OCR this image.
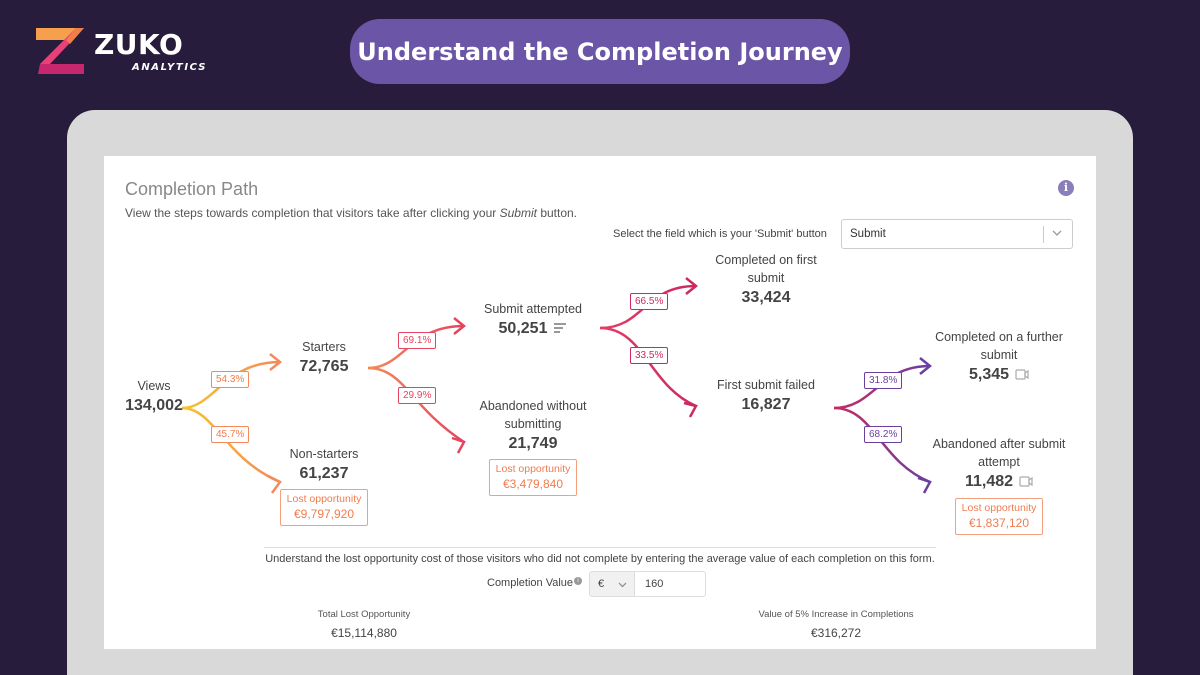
ZUKO
ANALYTICS
Understand the Completion Journey
Completion Path	i
View the steps towards completion that visitors take after clicking your Submit button.
Select the field which is your 'Submit' button Submit
54.3%
45.7%
69.1%
29.9%
66.5%
33.5%
31.8%
68.2%
Views
134,002
Starters
72,765
Non-starters
61,237
Lost opportunity
€9,797,920
Submit attempted
50,251
Abandoned without
submitting
21,749
Lost opportunity
€3,479,840
Completed on first
submit
33,424
First submit failed
16,827
Completed on a further
submit
5,345
Abandoned after submit
attempt
11,482
Lost opportunity
€1,837,120
Understand the lost opportunity cost of those visitors who did not complete by entering the average value of each completion on this form.
Completion Value i	€	160
Total Lost Opportunity
€15,114,880
Value of 5% Increase in Completions
€316,272
